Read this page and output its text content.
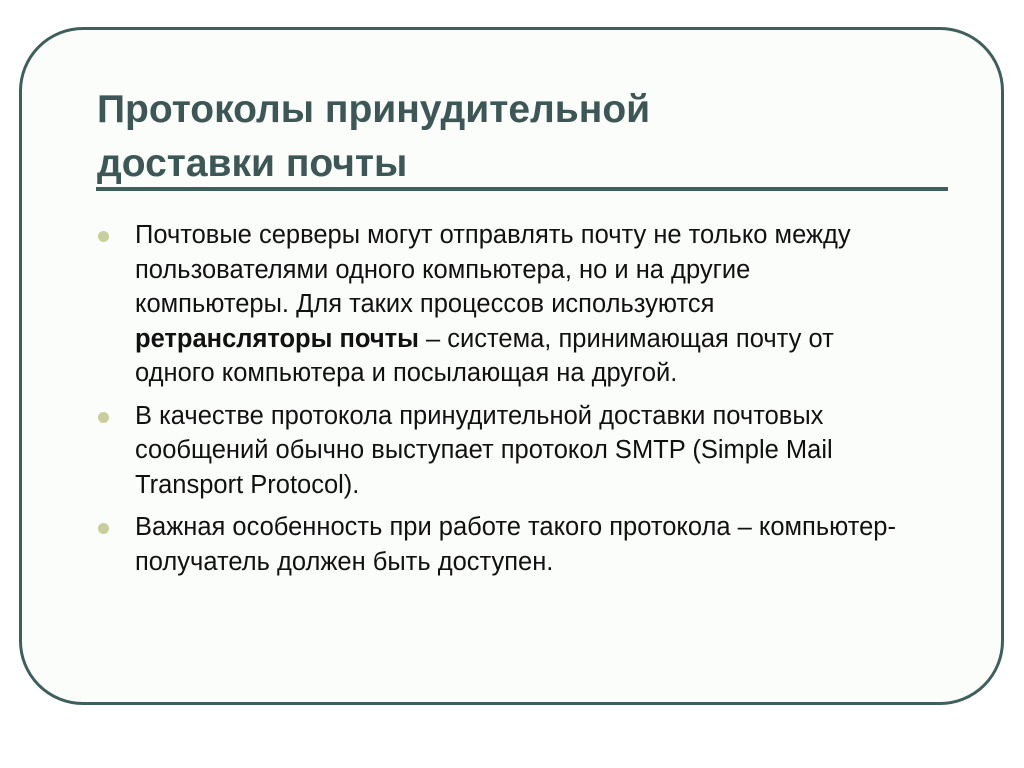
Протоколы принудительной
доставки почты
Почтовые серверы могут отправлять почту не только между пользователями одного компьютера, но и на другие компьютеры. Для таких процессов используются ретрансляторы почты – система, принимающая почту от одного компьютера и посылающая на другой.
В качестве протокола принудительной доставки почтовых сообщений обычно выступает протокол SMTP (Simple Mail Transport Protocol).
Важная особенность при работе такого протокола – компьютер-получатель должен быть доступен.
